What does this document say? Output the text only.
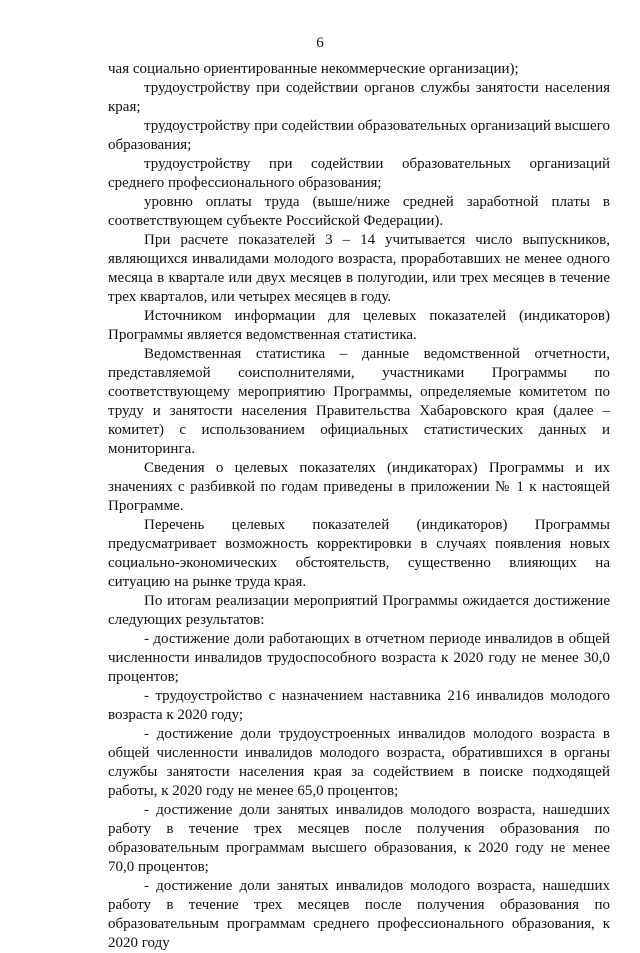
6

чая социально ориентированные некоммерческие организации);

трудоустройству при содействии органов службы занятости населения края;

трудоустройству при содействии образовательных организаций высшего образования;

трудоустройству при содействии образовательных организаций среднего профессионального образования;

уровню оплаты труда (выше/ниже средней заработной платы в соответствующем субъекте Российской Федерации).

При расчете показателей 3 – 14 учитывается число выпускников, являющихся инвалидами молодого возраста, проработавших не менее одного месяца в квартале или двух месяцев в полугодии, или трех месяцев в течение трех кварталов, или четырех месяцев в году.

Источником информации для целевых показателей (индикаторов) Программы является ведомственная статистика.

Ведомственная статистика – данные ведомственной отчетности, представляемой соисполнителями, участниками Программы по соответствующему мероприятию Программы, определяемые комитетом по труду и занятости населения Правительства Хабаровского края (далее – комитет) с использованием официальных статистических данных и мониторинга.

Сведения о целевых показателях (индикаторах) Программы и их значениях с разбивкой по годам приведены в приложении № 1 к настоящей Программе.

Перечень целевых показателей (индикаторов) Программы предусматривает возможность корректировки в случаях появления новых социально-экономических обстоятельств, существенно влияющих на ситуацию на рынке труда края.

По итогам реализации мероприятий Программы ожидается достижение следующих результатов:

- достижение доли работающих в отчетном периоде инвалидов в общей численности инвалидов трудоспособного возраста к 2020 году не менее 30,0 процентов;

- трудоустройство с назначением наставника 216 инвалидов молодого возраста к 2020 году;

- достижение доли трудоустроенных инвалидов молодого возраста в общей численности инвалидов молодого возраста, обратившихся в органы службы занятости населения края за содействием в поиске подходящей работы, к 2020 году не менее 65,0 процентов;

- достижение доли занятых инвалидов молодого возраста, нашедших работу в течение трех месяцев после получения образования по образовательным программам высшего образования, к 2020 году не менее 70,0 процентов;

- достижение доли занятых инвалидов молодого возраста, нашедших работу в течение трех месяцев после получения образования по образовательным программам среднего профессионального образования, к 2020 году
